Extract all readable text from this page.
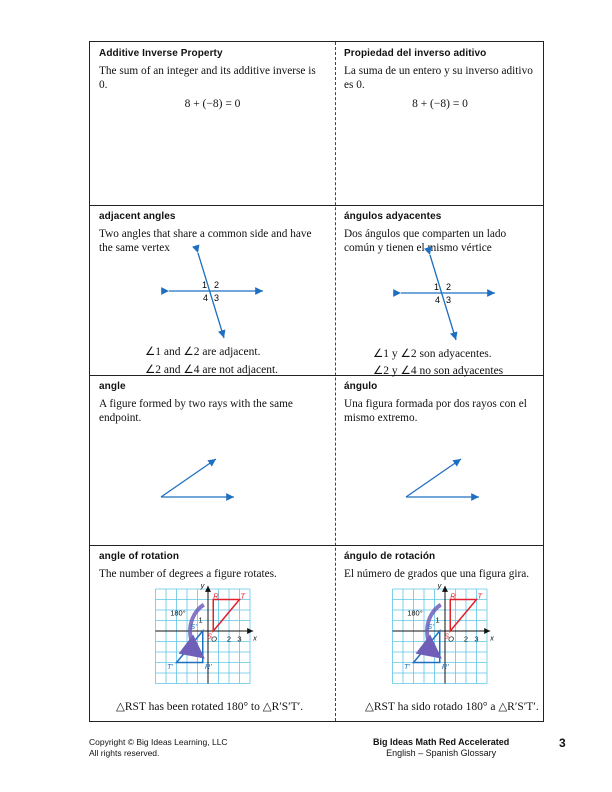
Additive Inverse Property

The sum of an integer and its additive inverse is 0.

8 + (−8) = 0

Propiedad del inverso aditivo

La suma de un entero y su inverso aditivo es 0.

8 + (−8) = 0

adjacent angles

Two angles that share a common side and have the same vertex

1 2
4 3
∠1 and ∠2 are adjacent.
∠2 and ∠4 are not adjacent.

ángulos adyacentes

Dos ángulos que comparten un lado común y tienen el mismo vértice

1 2
4 3
∠1 y ∠2 son adyacentes.
∠2 y ∠4 no son adyacentes

angle

A figure formed by two rays with the same endpoint.

ángulo

Una figura formada por dos rayos con el mismo extremo.

angle of rotation

The number of degrees a figure rotates.

180°
y
x
O
1
2 3
R
S
T
R′
S′
T′
△RST has been rotated 180° to △R′S′T′.

ángulo de rotación

El número de grados que una figura gira.

180°
y
x
O
1
2 3
R
S
T
R′
S′
T′
△RST ha sido rotado 180° a △R′S′T′.
Copyright © Big Ideas Learning, LLC
All rights reserved.
Big Ideas Math Red Accelerated
English – Spanish Glossary
3
